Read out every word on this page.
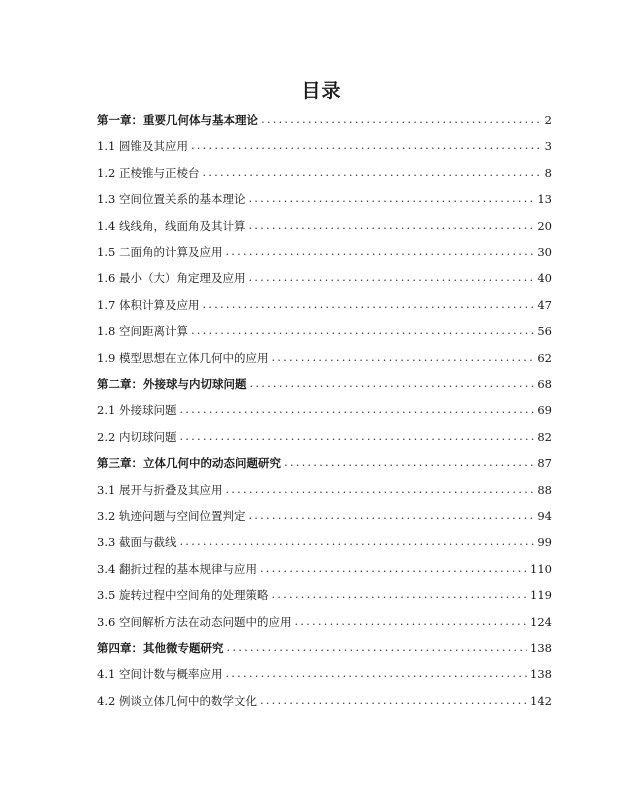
目录
第一章：重要几何体与基本理论 .....	2
1.1 圆锥及其应用 .....	3
1.2 正棱锥与正棱台 .....	8
1.3 空间位置关系的基本理论 .....	13
1.4 线线角，线面角及其计算 .....	20
1.5 二面角的计算及应用 .....	30
1.6 最小（大）角定理及应用 .....	40
1.7 体积计算及应用 .....	47
1.8 空间距离计算 .....	56
1.9 模型思想在立体几何中的应用 .....	62
第二章：外接球与内切球问题 .....	68
2.1 外接球问题 .....	69
2.2 内切球问题 .....	82
第三章：立体几何中的动态问题研究 .....	87
3.1 展开与折叠及其应用 .....	88
3.2 轨迹问题与空间位置判定 .....	94
3.3 截面与截线 .....	99
3.4 翻折过程的基本规律与应用 .....	110
3.5 旋转过程中空间角的处理策略 .....	119
3.6 空间解析方法在动态问题中的应用 .....	124
第四章：其他微专题研究 .....	138
4.1 空间计数与概率应用 .....	138
4.2 例谈立体几何中的数学文化 .....	142
